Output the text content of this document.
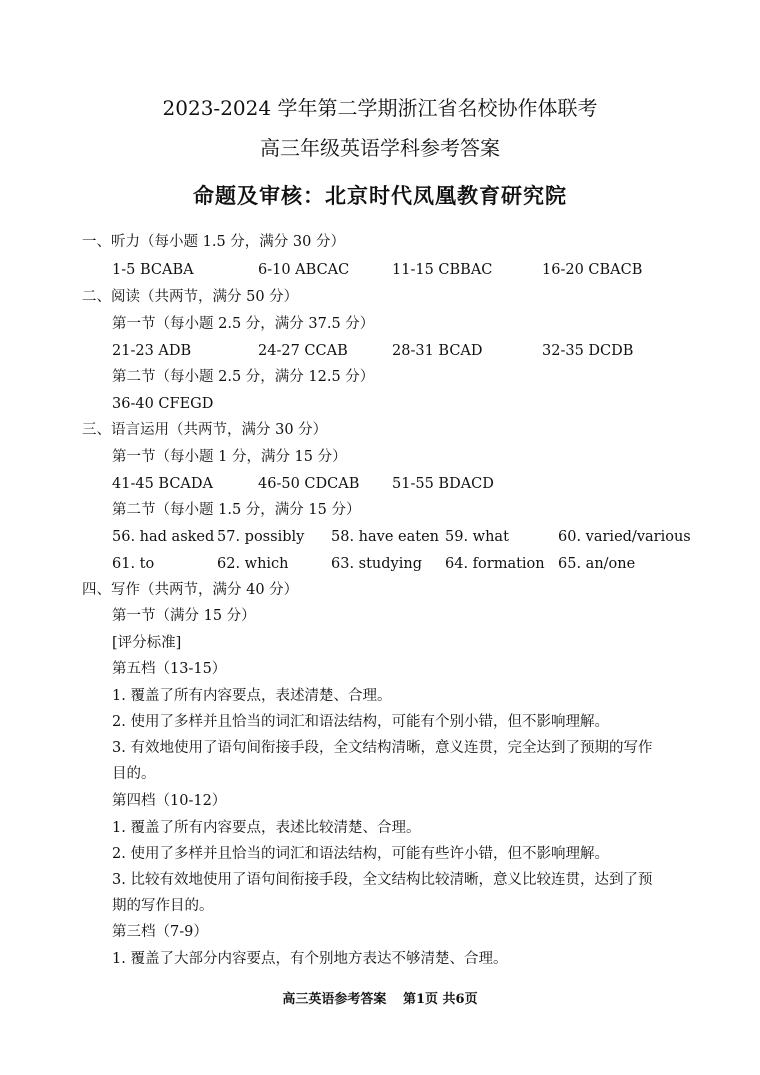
2023-2024 学年第二学期浙江省名校协作体联考
高三年级英语学科参考答案
命题及审核：北京时代凤凰教育研究院
一、听力（每小题 1.5 分，满分 30 分）
1-5 BCABA	6-10 ABCAC	11-15 CBBAC	16-20 CBACB
二、阅读（共两节，满分 50 分）
第一节（每小题 2.5 分，满分 37.5 分）
21-23 ADB	24-27 CCAB	28-31 BCAD	32-35 DCDB
第二节（每小题 2.5 分，满分 12.5 分）
36-40 CFEGD
三、语言运用（共两节，满分 30 分）
第一节（每小题 1 分，满分 15 分）
41-45 BCADA	46-50 CDCAB 51-55 BDACD
第二节（每小题 1.5 分，满分 15 分）
56. had asked 57. possibly 58. have eaten 59. what	60. varied/various
61. to	62. which	63. studying 64. formation 65. an/one
四、写作（共两节，满分 40 分）
第一节（满分 15 分）
[评分标准]
第五档（13-15）
1. 覆盖了所有内容要点，表述清楚、合理。
2. 使用了多样并且恰当的词汇和语法结构，可能有个别小错，但不影响理解。
3. 有效地使用了语句间衔接手段，全文结构清晰，意义连贯，完全达到了预期的写作
目的。
第四档（10-12）
1. 覆盖了所有内容要点，表述比较清楚、合理。
2. 使用了多样并且恰当的词汇和语法结构，可能有些许小错，但不影响理解。
3. 比较有效地使用了语句间衔接手段，全文结构比较清晰，意义比较连贯，达到了预
期的写作目的。
第三档（7-9）
1. 覆盖了大部分内容要点，有个别地方表达不够清楚、合理。
高三英语参考答案 第1页 共6页
